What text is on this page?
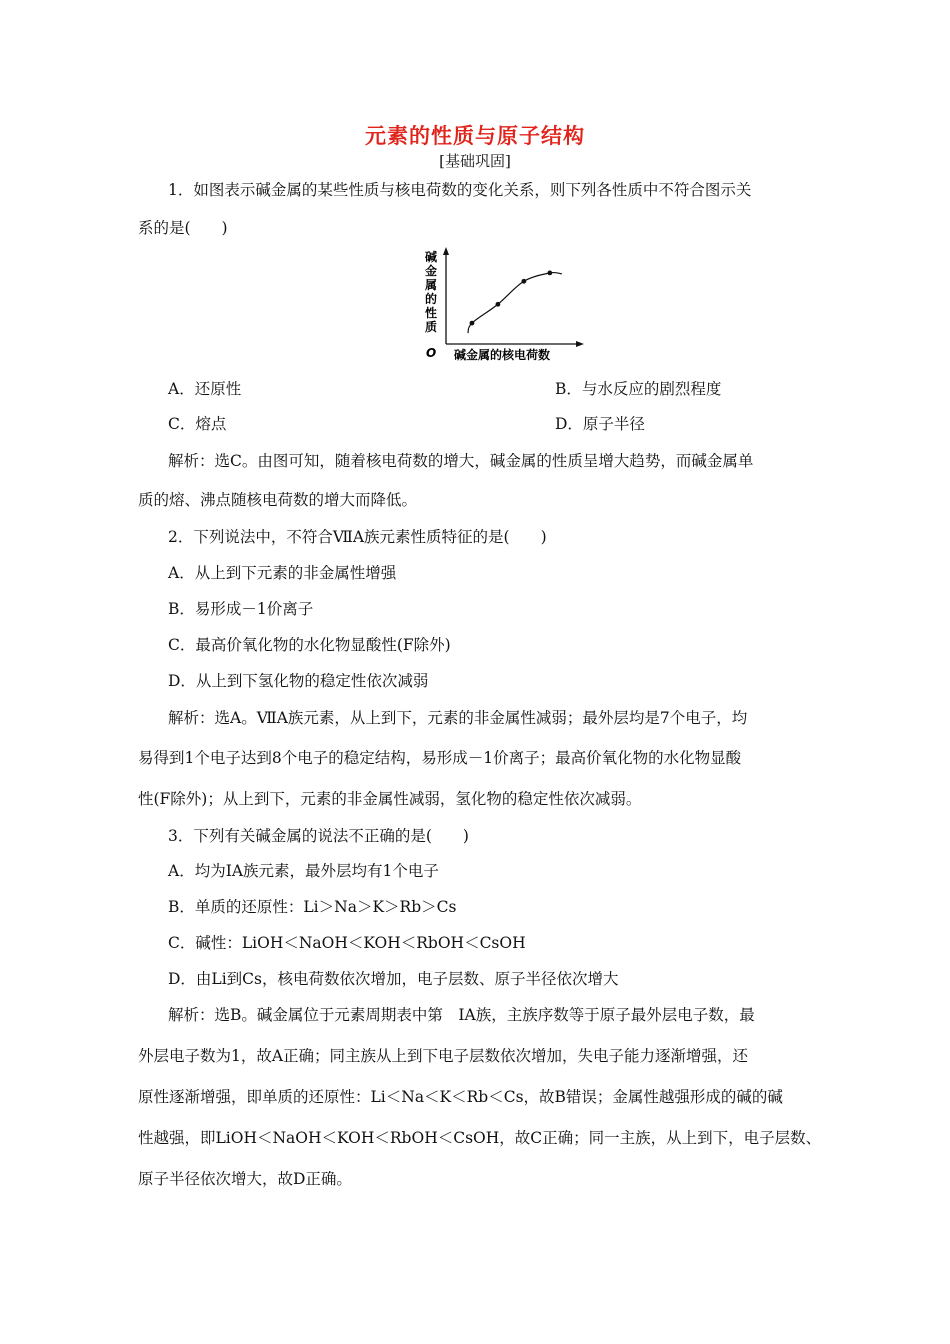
元素的性质与原子结构
[基础巩固]
1．如图表示碱金属的某些性质与核电荷数的变化关系，则下列各性质中不符合图示关
系的是(　　)
碱
金
属
的
性
质
O 碱金属的核电荷数
A．还原性	B．与水反应的剧烈程度
C．熔点	D．原子半径
解析：选C。由图可知，随着核电荷数的增大，碱金属的性质呈增大趋势，而碱金属单
质的熔、沸点随核电荷数的增大而降低。
2．下列说法中，不符合ⅦA族元素性质特征的是(　　)
A．从上到下元素的非金属性增强
B．易形成－1价离子
C．最高价氧化物的水化物显酸性(F除外)
D．从上到下氢化物的稳定性依次减弱
解析：选A。ⅦA族元素，从上到下，元素的非金属性减弱；最外层均是7个电子，均
易得到1个电子达到8个电子的稳定结构，易形成－1价离子；最高价氧化物的水化物显酸
性(F除外)；从上到下，元素的非金属性减弱，氢化物的稳定性依次减弱。
3．下列有关碱金属的说法不正确的是(　　)
A．均为ⅠA族元素，最外层均有1个电子
B．单质的还原性：Li＞Na＞K＞Rb＞Cs
C．碱性：LiOH＜NaOH＜KOH＜RbOH＜CsOH
D．由Li到Cs，核电荷数依次增加，电子层数、原子半径依次增大
解析：选B。碱金属位于元素周期表中第　ⅠA族，主族序数等于原子最外层电子数，最
外层电子数为1，故A正确；同主族从上到下电子层数依次增加，失电子能力逐渐增强，还
原性逐渐增强，即单质的还原性：Li＜Na＜K＜Rb＜Cs，故B错误；金属性越强形成的碱的碱
性越强，即LiOH＜NaOH＜KOH＜RbOH＜CsOH，故C正确；同一主族，从上到下，电子层数、
原子半径依次增大，故D正确。
